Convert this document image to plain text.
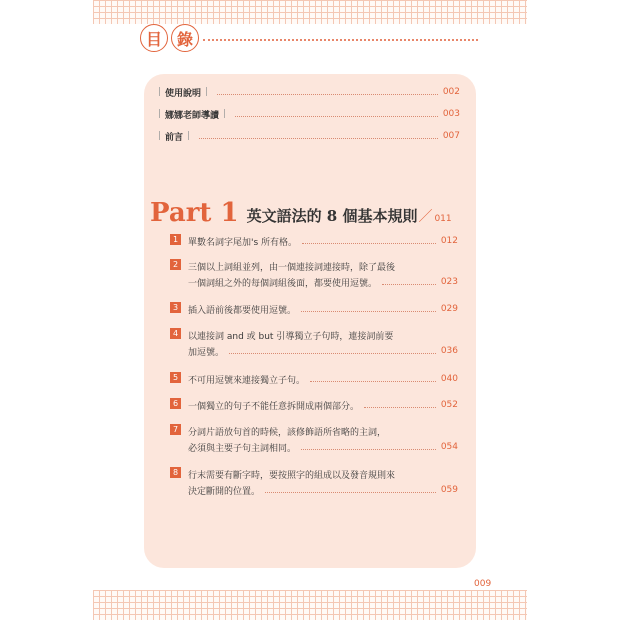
目 錄
| 使用說明 |	002
| 娜娜老師導讀 |	003
| 前言 |	007
Part 1 英文語法的 8 個基本規則 ／ 011
1	單數名詞字尾加's 所有格。	012
2	三個以上詞組並列，由一個連接詞連接時，除了最後
一個詞組之外的每個詞組後面，都要使用逗號。	023
3	插入語前後都要使用逗號。	029
4	以連接詞 and 或 but 引導獨立子句時，連接詞前要
加逗號。	036
5	不可用逗號來連接獨立子句。	040
6	一個獨立的句子不能任意拆開成兩個部分。	052
7	分詞片語放句首的時候，該修飾語所省略的主詞，
必須與主要子句主詞相同。	054
8	行末需要有斷字時，要按照字的組成以及發音規則來
決定斷開的位置。	059
009
